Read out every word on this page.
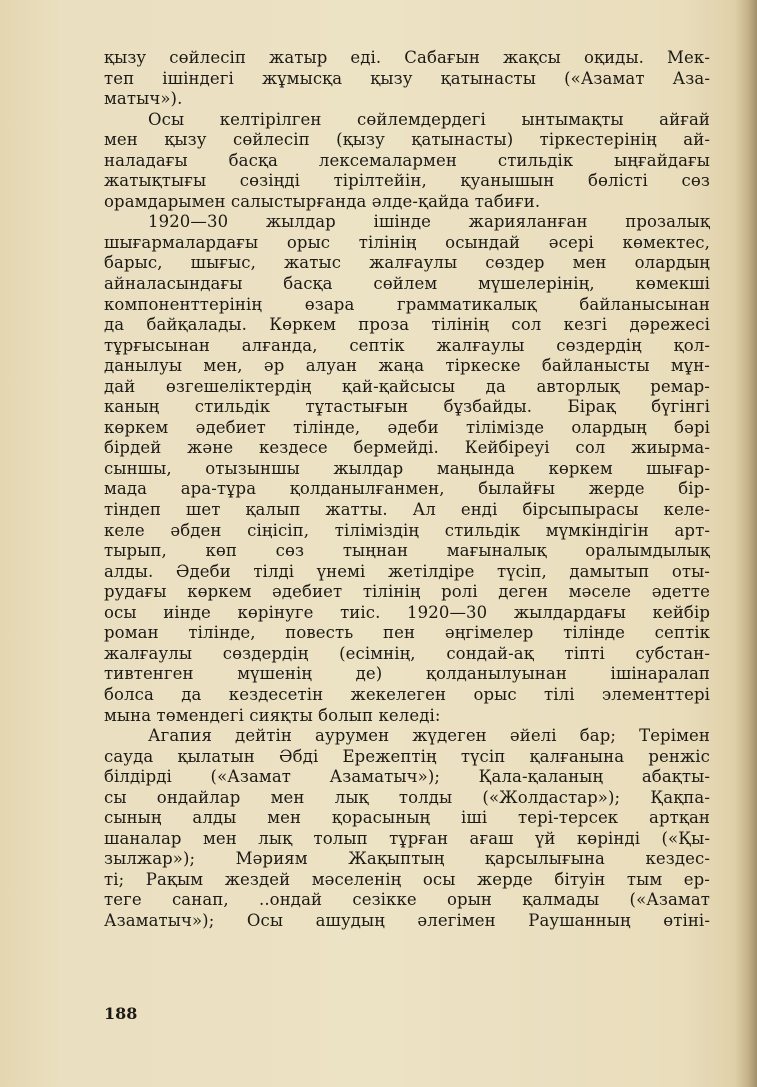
қызу сөйлесіп жатыр еді. Сабағын жақсы оқиды. Мек-
теп ішіндегі жұмысқа қызу қатынасты («Азамат Аза-
матыч»).
Осы келтірілген сөйлемдердегі ынтымақты айғай
мен қызу сөйлесіп (қызу қатынасты) тіркестерінің ай-
наладағы басқа лексемалармен стильдік ыңғайдағы
жатықтығы сөзіңді тірілтейін, қуанышын бөлісті сөз
орамдарымен салыстырғанда әлде-қайда табиғи.
1920—30 жылдар ішінде жарияланған прозалық
шығармалардағы орыс тілінің осындай әсері көмектес,
барыс, шығыс, жатыс жалғаулы сөздер мен олардың
айналасындағы басқа сөйлем мүшелерінің, көмекші
компоненттерінің өзара грамматикалық байланысынан
да байқалады. Көркем проза тілінің сол кезгі дәрежесі
тұрғысынан алғанда, септік жалғаулы сөздердің қол-
данылуы мен, әр алуан жаңа тіркеске байланысты мұн-
дай өзгешеліктердің қай-қайсысы да авторлық ремар-
каның стильдік тұтастығын бұзбайды. Бірақ бүгінгі
көркем әдебиет тілінде, әдеби тілімізде олардың бәрі
бірдей және кездесе бермейді. Кейбіреуі сол жиырма-
сыншы, отызыншы жылдар маңында көркем шығар-
мада ара-тұра қолданылғанмен, былайғы жерде бір-
тіндеп шет қалып жатты. Ал енді бірсыпырасы келе-
келе әбден сіңісіп, тіліміздің стильдік мүмкіндігін арт-
тырып, көп сөз тыңнан мағыналық оралымдылық
алды. Әдеби тілді үнемі жетілдіре түсіп, дамытып оты-
рудағы көркем әдебиет тілінің ролі деген мәселе әдетте
осы иінде көрінуге тиіс. 1920—30 жылдардағы кейбір
роман тілінде, повесть пен әңгімелер тілінде септік
жалғаулы сөздердің (есімнің, сондай-ақ тіпті субстан-
тивтенген мүшенің де) қолданылуынан ішінаралап
болса да кездесетін жекелеген орыс тілі элементтері
мына төмендегі сияқты болып келеді:
Агапия дейтін аурумен жүдеген әйелі бар; Терімен
сауда қылатын Әбді Ережептің түсіп қалғанына ренжіс
білдірді («Азамат Азаматыч»); Қала-қаланың абақты-
сы ондайлар мен лық толды («Жолдастар»); Қақпа-
сының алды мен қорасының іші тері-терсек артқан
шаналар мен лық толып тұрған ағаш үй көрінді («Қы-
зылжар»); Мәриям Жақыптың қарсылығына кездес-
ті; Рақым жездей мәселенің осы жерде бітуін тым ер-
теге санап, ..ондай сезікке орын қалмады («Азамат
Азаматыч»); Осы ашудың әлегімен Раушанның өтіні-
188
